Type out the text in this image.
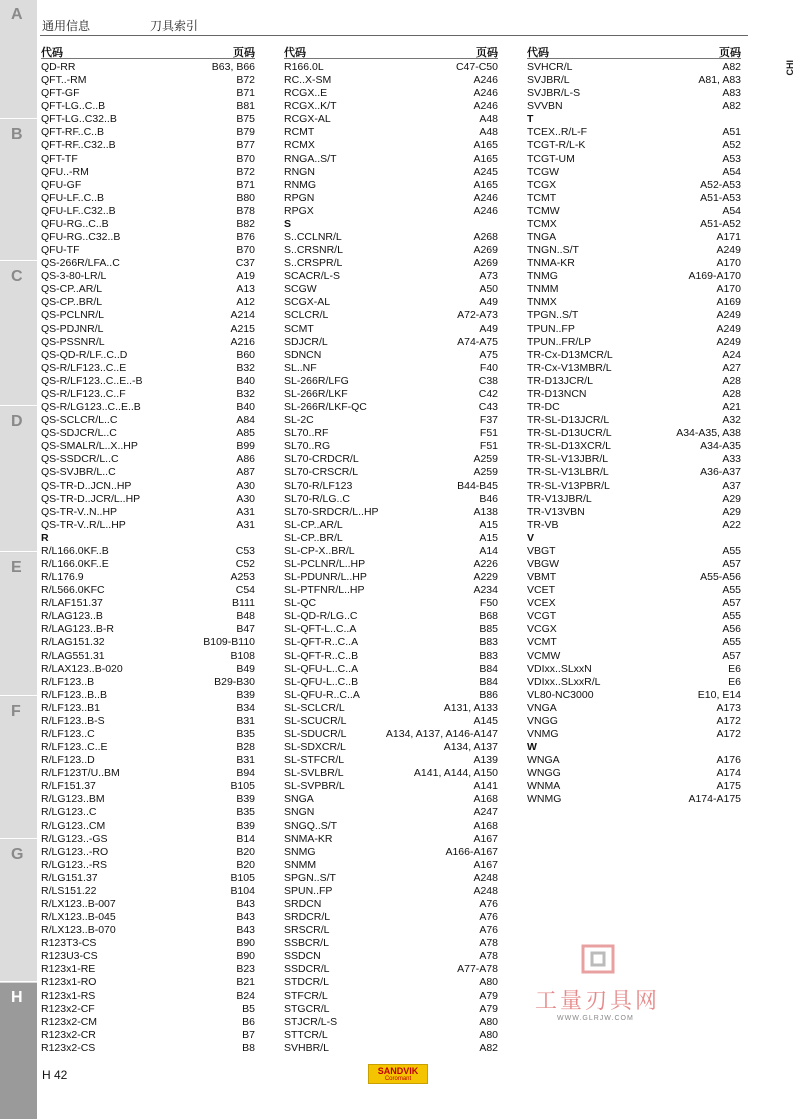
A
B
C
D
E
F
G
H
通用信息	刀具索引
CHI
代码	页码
QD-RR	B63, B66
QFT..-RM	B72
QFT-GF	B71
QFT-LG..C..B	B81
QFT-LG..C32..B	B75
QFT-RF..C..B	B79
QFT-RF..C32..B	B77
QFT-TF	B70
QFU..-RM	B72
QFU-GF	B71
QFU-LF..C..B	B80
QFU-LF..C32..B	B78
QFU-RG..C..B	B82
QFU-RG..C32..B	B76
QFU-TF	B70
QS-266R/LFA..C	C37
QS-3-80-LR/L	A19
QS-CP..AR/L	A13
QS-CP..BR/L	A12
QS-PCLNR/L	A214
QS-PDJNR/L	A215
QS-PSSNR/L	A216
QS-QD-R/LF..C..D	B60
QS-R/LF123..C..E	B32
QS-R/LF123..C..E..-B	B40
QS-R/LF123..C..F	B32
QS-R/LG123..C..E..B	B40
QS-SCLCR/L..C	A84
QS-SDJCR/L..C	A85
QS-SMALR/L..X..HP	B99
QS-SSDCR/L..C	A86
QS-SVJBR/L..C	A87
QS-TR-D..JCN..HP	A30
QS-TR-D..JCR/L..HP	A30
QS-TR-V..N..HP	A31
QS-TR-V..R/L..HP	A31
R
R/L166.0KF..B	C53
R/L166.0KF..E	C52
R/L176.9	A253
R/L566.0KFC	C54
R/LAF151.37	B111
R/LAG123..B	B48
R/LAG123..B-R	B47
R/LAG151.32	B109-B110
R/LAG551.31	B108
R/LAX123..B-020	B49
R/LF123..B	B29-B30
R/LF123..B..B	B39
R/LF123..B1	B34
R/LF123..B-S	B31
R/LF123..C	B35
R/LF123..C..E	B28
R/LF123..D	B31
R/LF123T/U..BM	B94
R/LF151.37	B105
R/LG123..BM	B39
R/LG123..C	B35
R/LG123..CM	B39
R/LG123..-GS	B14
R/LG123..-RO	B20
R/LG123..-RS	B20
R/LG151.37	B105
R/LS151.22	B104
R/LX123..B-007	B43
R/LX123..B-045	B43
R/LX123..B-070	B43
R123T3-CS	B90
R123U3-CS	B90
R123x1-RE	B23
R123x1-RO	B21
R123x1-RS	B24
R123x2-CF	B5
R123x2-CM	B6
R123x2-CR	B7
R123x2-CS	B8
代码	页码
R166.0L	C47-C50
RC..X-SM	A246
RCGX..E	A246
RCGX..K/T	A246
RCGX-AL	A48
RCMT	A48
RCMX	A165
RNGA..S/T	A165
RNGN	A245
RNMG	A165
RPGN	A246
RPGX	A246
S
S..CCLNR/L	A268
S..CRSNR/L	A269
S..CRSPR/L	A269
SCACR/L-S	A73
SCGW	A50
SCGX-AL	A49
SCLCR/L	A72-A73
SCMT	A49
SDJCR/L	A74-A75
SDNCN	A75
SL..NF	F40
SL-266R/LFG	C38
SL-266R/LKF	C42
SL-266R/LKF-QC	C43
SL-2C	F37
SL70..RF	F51
SL70..RG	F51
SL70-CRDCR/L	A259
SL70-CRSCR/L	A259
SL70-R/LF123	B44-B45
SL70-R/LG..C	B46
SL70-SRDCR/L..HP	A138
SL-CP..AR/L	A15
SL-CP..BR/L	A15
SL-CP-X..BR/L	A14
SL-PCLNR/L..HP	A226
SL-PDUNR/L..HP	A229
SL-PTFNR/L..HP	A234
SL-QC	F50
SL-QD-R/LG..C	B68
SL-QFT-L..C..A	B85
SL-QFT-R..C..A	B83
SL-QFT-R..C..B	B83
SL-QFU-L..C..A	B84
SL-QFU-L..C..B	B84
SL-QFU-R..C..A	B86
SL-SCLCR/L	A131, A133
SL-SCUCR/L	A145
SL-SDUCR/L	A134, A137, A146-A147
SL-SDXCR/L	A134, A137
SL-STFCR/L	A139
SL-SVLBR/L	A141, A144, A150
SL-SVPBR/L	A141
SNGA	A168
SNGN	A247
SNGQ..S/T	A168
SNMA-KR	A167
SNMG	A166-A167
SNMM	A167
SPGN..S/T	A248
SPUN..FP	A248
SRDCN	A76
SRDCR/L	A76
SRSCR/L	A76
SSBCR/L	A78
SSDCN	A78
SSDCR/L	A77-A78
STDCR/L	A80
STFCR/L	A79
STGCR/L	A79
STJCR/L-S	A80
STTCR/L	A80
SVHBR/L	A82
代码	页码
SVHCR/L	A82
SVJBR/L	A81, A83
SVJBR/L-S	A83
SVVBN	A82
T
TCEX..R/L-F	A51
TCGT-R/L-K	A52
TCGT-UM	A53
TCGW	A54
TCGX	A52-A53
TCMT	A51-A53
TCMW	A54
TCMX	A51-A52
TNGA	A171
TNGN..S/T	A249
TNMA-KR	A170
TNMG	A169-A170
TNMM	A170
TNMX	A169
TPGN..S/T	A249
TPUN..FP	A249
TPUN..FR/LP	A249
TR-Cx-D13MCR/L	A24
TR-Cx-V13MBR/L	A27
TR-D13JCR/L	A28
TR-D13NCN	A28
TR-DC	A21
TR-SL-D13JCR/L	A32
TR-SL-D13UCR/L	A34-A35, A38
TR-SL-D13XCR/L	A34-A35
TR-SL-V13JBR/L	A33
TR-SL-V13LBR/L	A36-A37
TR-SL-V13PBR/L	A37
TR-V13JBR/L	A29
TR-V13VBN	A29
TR-VB	A22
V
VBGT	A55
VBGW	A57
VBMT	A55-A56
VCET	A55
VCEX	A57
VCGT	A55
VCGX	A56
VCMT	A55
VCMW	A57
VDIxx..SLxxN	E6
VDIxx..SLxxR/L	E6
VL80-NC3000	E10, E14
VNGA	A173
VNGG	A172
VNMG	A172
W
WNGA	A176
WNGG	A174
WNMA	A175
WNMG	A174-A175
工量刃具网
WWW.GLRJW.COM
H 42	SANDVIK
Coromant
